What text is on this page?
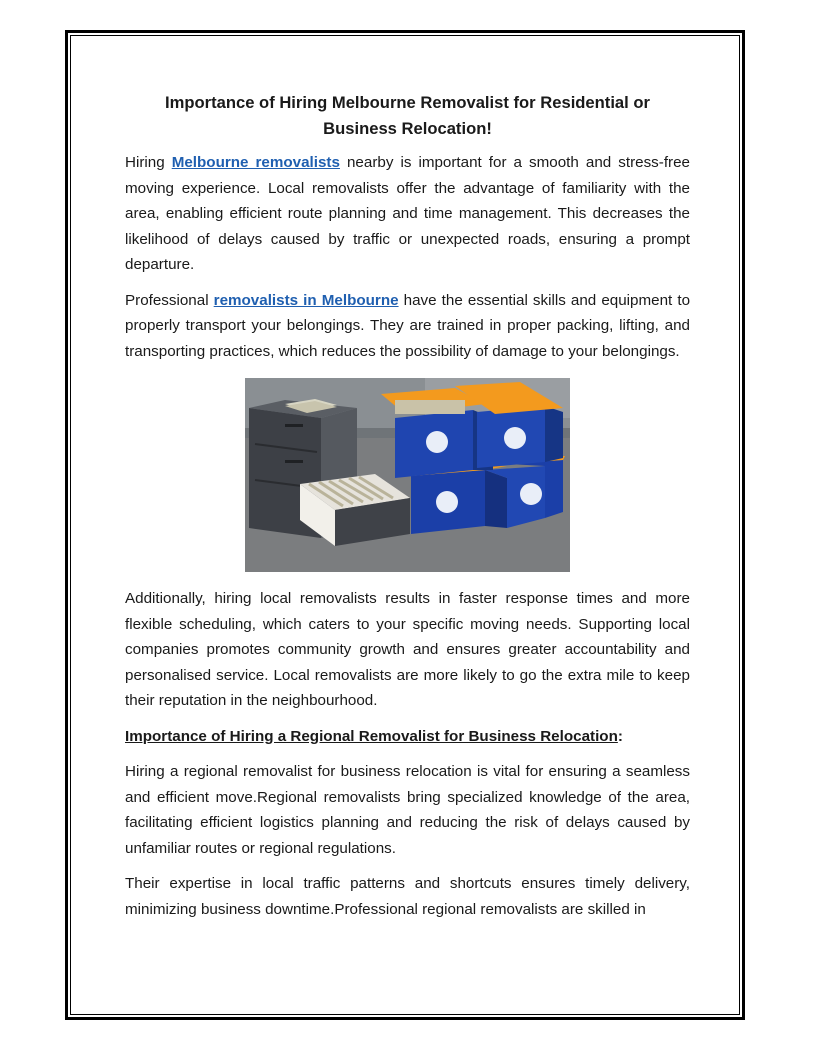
Importance of Hiring Melbourne Removalist for Residential or Business Relocation!

Hiring Melbourne removalists nearby is important for a smooth and stress-free moving experience. Local removalists offer the advantage of familiarity with the area, enabling efficient route planning and time management. This decreases the likelihood of delays caused by traffic or unexpected roads, ensuring a prompt departure.

Professional removalists in Melbourne have the essential skills and equipment to properly transport your belongings. They are trained in proper packing, lifting, and transporting practices, which reduces the possibility of damage to your belongings.

Additionally, hiring local removalists results in faster response times and more flexible scheduling, which caters to your specific moving needs. Supporting local companies promotes community growth and ensures greater accountability and personalised service. Local removalists are more likely to go the extra mile to keep their reputation in the neighbourhood.

Importance of Hiring a Regional Removalist for Business Relocation:

Hiring a regional removalist for business relocation is vital for ensuring a seamless and efficient move.Regional removalists bring specialized knowledge of the area, facilitating efficient logistics planning and reducing the risk of delays caused by unfamiliar routes or regional regulations.

Their expertise in local traffic patterns and shortcuts ensures timely delivery, minimizing business downtime.Professional regional removalists are skilled in
